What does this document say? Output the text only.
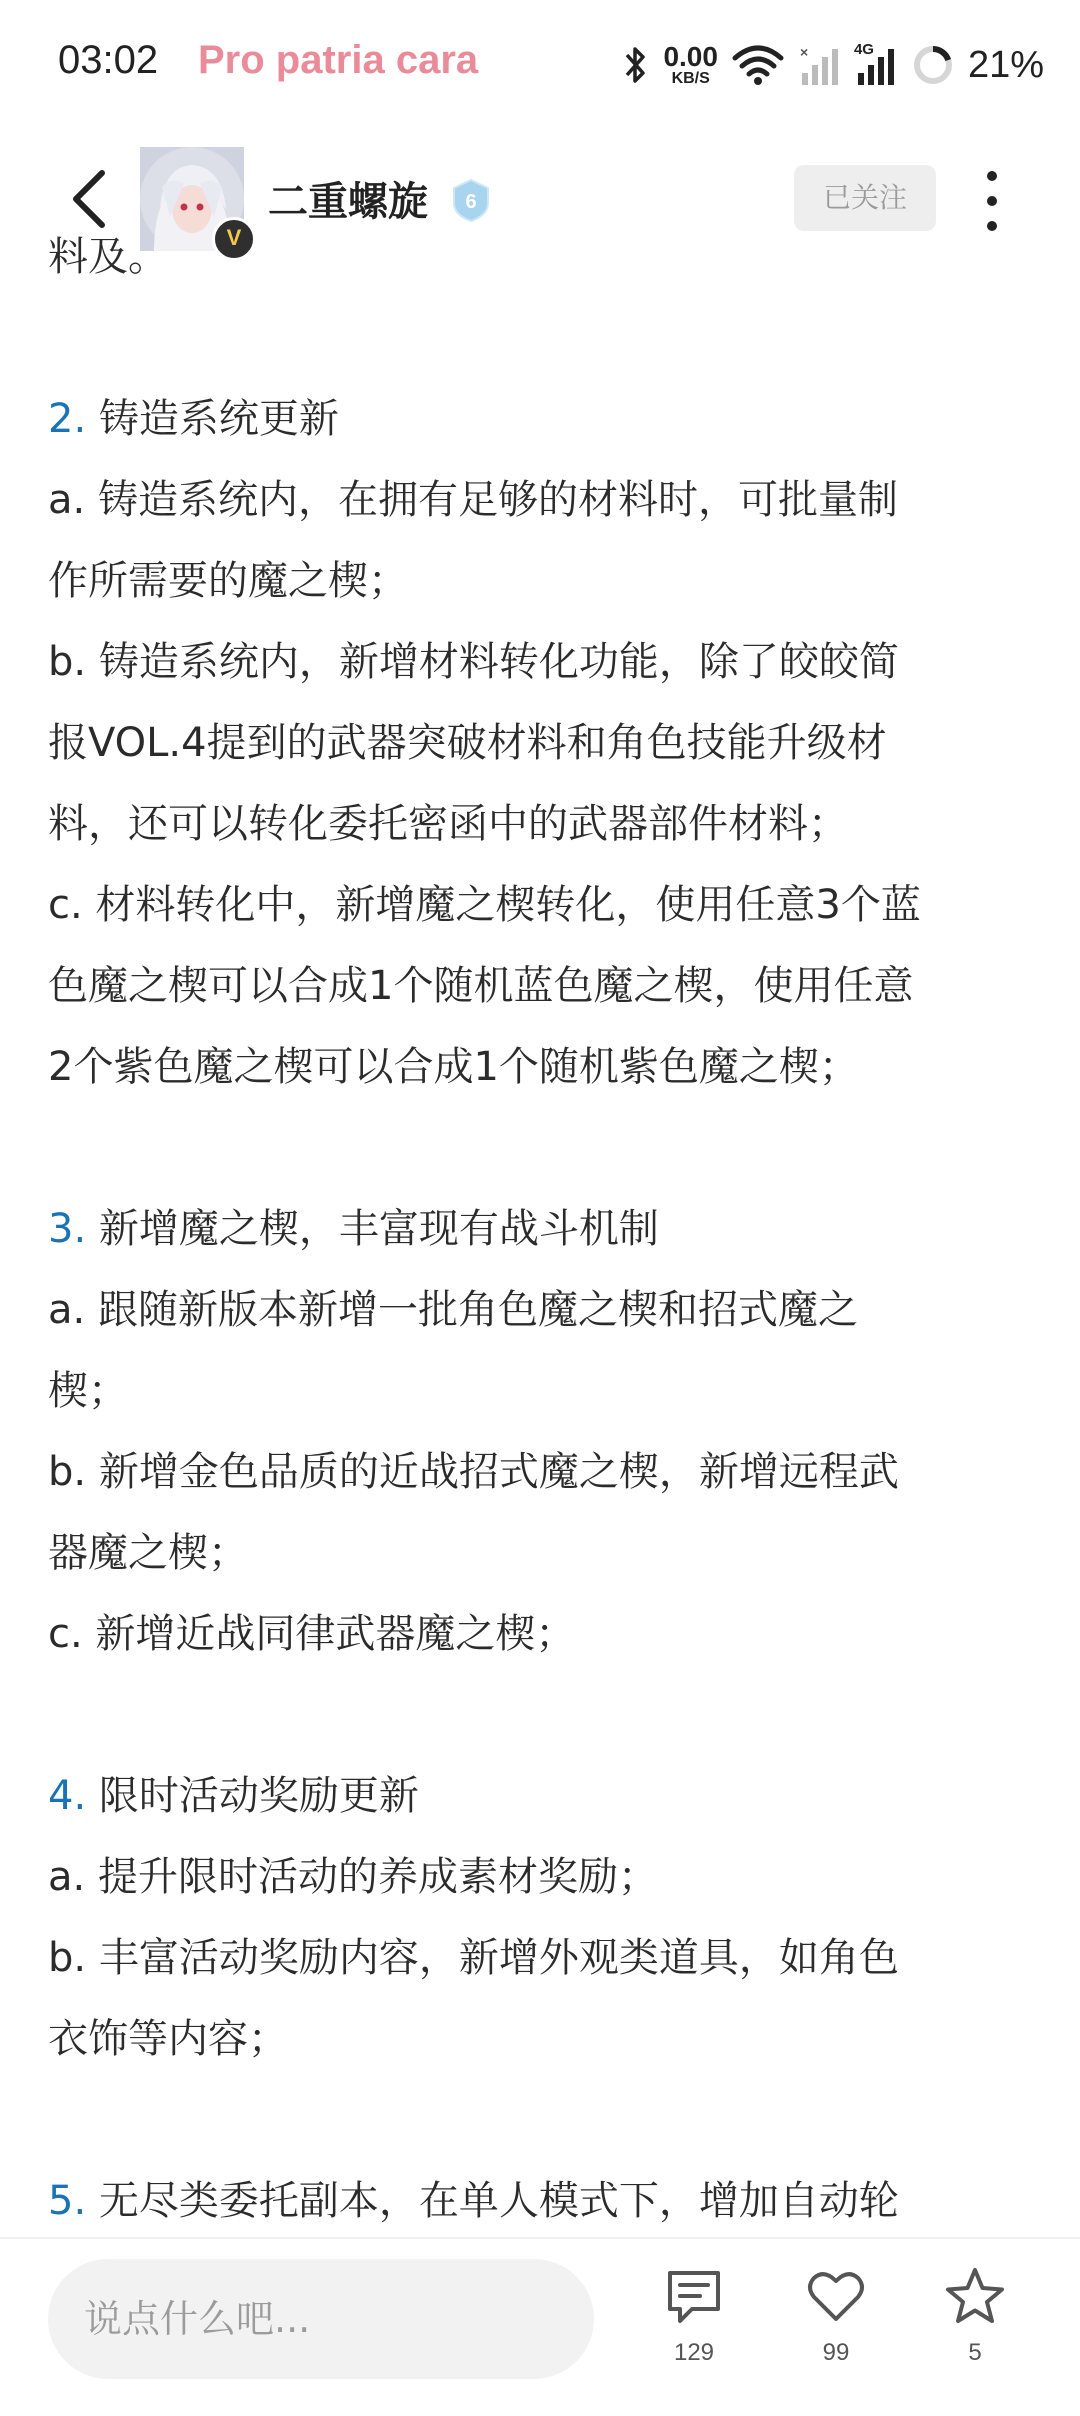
03:02 Pro patria cara	0.00
KB/S
×	4G 21%
V
二重螺旋 6	已关注

料及。

2. 铸造系统更新

a. 铸造系统内，在拥有足够的材料时，可批量制

作所需要的魔之楔；

b. 铸造系统内，新增材料转化功能，除了皎皎简

报VOL.4提到的武器突破材料和角色技能升级材

料，还可以转化委托密函中的武器部件材料；

c. 材料转化中，新增魔之楔转化，使用任意3个蓝

色魔之楔可以合成1个随机蓝色魔之楔，使用任意

2个紫色魔之楔可以合成1个随机紫色魔之楔；

3. 新增魔之楔，丰富现有战斗机制

a. 跟随新版本新增一批角色魔之楔和招式魔之

楔；

b. 新增金色品质的近战招式魔之楔，新增远程武

器魔之楔；

c. 新增近战同律武器魔之楔；

4. 限时活动奖励更新

a. 提升限时活动的养成素材奖励；

b. 丰富活动奖励内容，新增外观类道具，如角色

衣饰等内容；

5. 无尽类委托副本，在单人模式下，增加自动轮

说点什么吧...
129	99	5
